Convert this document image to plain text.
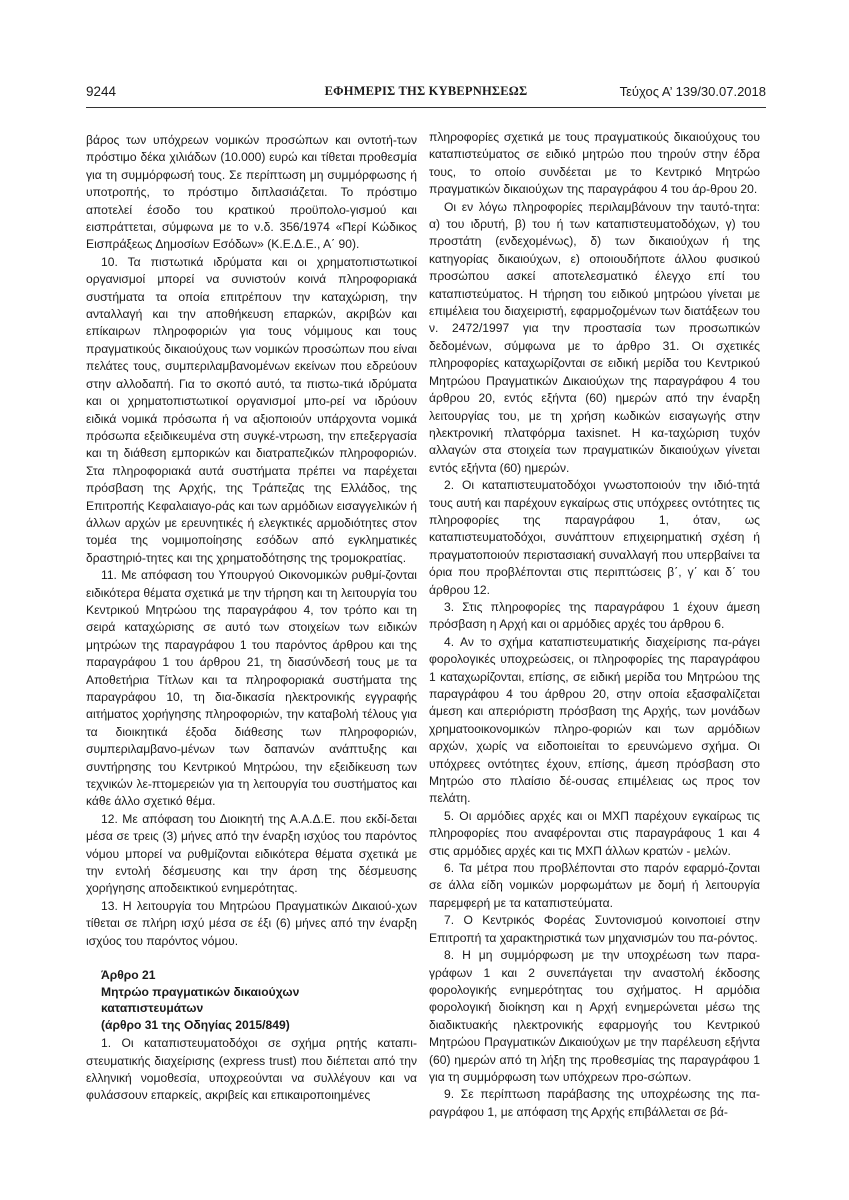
9244	ΕΦΗΜΕΡΙΣ ΤΗΣ ΚΥΒΕΡΝΗΣΕΩΣ	Τεύχος Α’ 139/30.07.2018

βάρος των υπόχρεων νομικών προσώπων και οντοτή-των πρόστιμο δέκα χιλιάδων (10.000) ευρώ και τίθεται προθεσμία για τη συμμόρφωσή τους. Σε περίπτωση μη συμμόρφωσης ή υποτροπής, το πρόστιμο διπλασιάζεται. Το πρόστιμο αποτελεί έσοδο του κρατικού προϋπολο-γισμού και εισπράττεται, σύμφωνα με το ν.δ. 356/1974 «Περί Κώδικος Εισπράξεως Δημοσίων Εσόδων» (Κ.Ε.Δ.Ε., Α΄ 90).

10. Τα πιστωτικά ιδρύματα και οι χρηματοπιστωτικοί οργανισμοί μπορεί να συνιστούν κοινά πληροφοριακά συστήματα τα οποία επιτρέπουν την καταχώριση, την ανταλλαγή και την αποθήκευση επαρκών, ακριβών και επίκαιρων πληροφοριών για τους νόμιμους και τους πραγματικούς δικαιούχους των νομικών προσώπων που είναι πελάτες τους, συμπεριλαμβανομένων εκείνων που εδρεύουν στην αλλοδαπή. Για το σκοπό αυτό, τα πιστω-τικά ιδρύματα και οι χρηματοπιστωτικοί οργανισμοί μπο-ρεί να ιδρύουν ειδικά νομικά πρόσωπα ή να αξιοποιούν υπάρχοντα νομικά πρόσωπα εξειδικευμένα στη συγκέ-ντρωση, την επεξεργασία και τη διάθεση εμπορικών και διατραπεζικών πληροφοριών. Στα πληροφοριακά αυτά συστήματα πρέπει να παρέχεται πρόσβαση της Αρχής, της Τράπεζας της Ελλάδος, της Επιτροπής Κεφαλαιαγο-ράς και των αρμόδιων εισαγγελικών ή άλλων αρχών με ερευνητικές ή ελεγκτικές αρμοδιότητες στον τομέα της νομιμοποίησης εσόδων από εγκληματικές δραστηριό-τητες και της χρηματοδότησης της τρομοκρατίας.

11. Με απόφαση του Υπουργού Οικονομικών ρυθμί-ζονται ειδικότερα θέματα σχετικά με την τήρηση και τη λειτουργία του Κεντρικού Μητρώου της παραγράφου 4, τον τρόπο και τη σειρά καταχώρισης σε αυτό των στοιχείων των ειδικών μητρώων της παραγράφου 1 του παρόντος άρθρου και της παραγράφου 1 του άρθρου 21, τη διασύνδεσή τους με τα Αποθετήρια Τίτλων και τα πληροφοριακά συστήματα της παραγράφου 10, τη δια-δικασία ηλεκτρονικής εγγραφής αιτήματος χορήγησης πληροφοριών, την καταβολή τέλους για τα διοικητικά έξοδα διάθεσης των πληροφοριών, συμπεριλαμβανο-μένων των δαπανών ανάπτυξης και συντήρησης του Κεντρικού Μητρώου, την εξειδίκευση των τεχνικών λε-πτομερειών για τη λειτουργία του συστήματος και κάθε άλλο σχετικό θέμα.

12. Με απόφαση του Διοικητή της Α.Α.Δ.Ε. που εκδί-δεται μέσα σε τρεις (3) μήνες από την έναρξη ισχύος του παρόντος νόμου μπορεί να ρυθμίζονται ειδικότερα θέματα σχετικά με την εντολή δέσμευσης και την άρση της δέσμευσης χορήγησης αποδεικτικού ενημερότητας.

13. Η λειτουργία του Μητρώου Πραγματικών Δικαιού-χων τίθεται σε πλήρη ισχύ μέσα σε έξι (6) μήνες από την έναρξη ισχύος του παρόντος νόμου.

Άρθρο 21
Μητρώο πραγματικών δικαιούχων
καταπιστευμάτων
(άρθρο 31 της Οδηγίας 2015/849)

1. Οι καταπιστευματοδόχοι σε σχήμα ρητής καταπι-στευματικής διαχείρισης (express trust) που διέπεται από την ελληνική νομοθεσία, υποχρεούνται να συλλέγουν και να φυλάσσουν επαρκείς, ακριβείς και επικαιροποιημένες

πληροφορίες σχετικά με τους πραγματικούς δικαιούχους του καταπιστεύματος σε ειδικό μητρώο που τηρούν στην έδρα τους, το οποίο συνδέεται με το Κεντρικό Μητρώο πραγματικών δικαιούχων της παραγράφου 4 του άρ-θρου 20.

Οι εν λόγω πληροφορίες περιλαμβάνουν την ταυτό-τητα: α) του ιδρυτή, β) του ή των καταπιστευματοδόχων, γ) του προστάτη (ενδεχομένως), δ) των δικαιούχων ή της κατηγορίας δικαιούχων, ε) οποιουδήποτε άλλου φυσικού προσώπου ασκεί αποτελεσματικό έλεγχο επί του καταπιστεύματος. Η τήρηση του ειδικού μητρώου γίνεται με επιμέλεια του διαχειριστή, εφαρμοζομένων των διατάξεων του ν. 2472/1997 για την προστασία των προσωπικών δεδομένων, σύμφωνα με το άρθρο 31. Οι σχετικές πληροφορίες καταχωρίζονται σε ειδική μερίδα του Κεντρικού Μητρώου Πραγματικών Δικαιούχων της παραγράφου 4 του άρθρου 20, εντός εξήντα (60) ημερών από την έναρξη λειτουργίας του, με τη χρήση κωδικών εισαγωγής στην ηλεκτρονική πλατφόρμα taxisnet. Η κα-ταχώριση τυχόν αλλαγών στα στοιχεία των πραγματικών δικαιούχων γίνεται εντός εξήντα (60) ημερών.

2. Οι καταπιστευματοδόχοι γνωστοποιούν την ιδιό-τητά τους αυτή και παρέχουν εγκαίρως στις υπόχρεες οντότητες τις πληροφορίες της παραγράφου 1, όταν, ως καταπιστευματοδόχοι, συνάπτουν επιχειρηματική σχέση ή πραγματοποιούν περιστασιακή συναλλαγή που υπερβαίνει τα όρια που προβλέπονται στις περιπτώσεις β΄, γ΄ και δ΄ του άρθρου 12.

3. Στις πληροφορίες της παραγράφου 1 έχουν άμεση πρόσβαση η Αρχή και οι αρμόδιες αρχές του άρθρου 6.

4. Αν το σχήμα καταπιστευματικής διαχείρισης πα-ράγει φορολογικές υποχρεώσεις, οι πληροφορίες της παραγράφου 1 καταχωρίζονται, επίσης, σε ειδική μερίδα του Μητρώου της παραγράφου 4 του άρθρου 20, στην οποία εξασφαλίζεται άμεση και απεριόριστη πρόσβαση της Αρχής, των μονάδων χρηματοοικονομικών πληρο-φοριών και των αρμόδιων αρχών, χωρίς να ειδοποιείται το ερευνώμενο σχήμα. Οι υπόχρεες οντότητες έχουν, επίσης, άμεση πρόσβαση στο Μητρώο στο πλαίσιο δέ-ουσας επιμέλειας ως προς τον πελάτη.

5. Οι αρμόδιες αρχές και οι ΜΧΠ παρέχουν εγκαίρως τις πληροφορίες που αναφέρονται στις παραγράφους 1 και 4 στις αρμόδιες αρχές και τις ΜΧΠ άλλων κρατών - μελών.

6. Τα μέτρα που προβλέπονται στο παρόν εφαρμό-ζονται σε άλλα είδη νομικών μορφωμάτων με δομή ή λειτουργία παρεμφερή με τα καταπιστεύματα.

7. Ο Κεντρικός Φορέας Συντονισμού κοινοποιεί στην Επιτροπή τα χαρακτηριστικά των μηχανισμών του πα-ρόντος.

8. Η μη συμμόρφωση με την υποχρέωση των παρα-γράφων 1 και 2 συνεπάγεται την αναστολή έκδοσης φορολογικής ενημερότητας του σχήματος. Η αρμόδια φορολογική διοίκηση και η Αρχή ενημερώνεται μέσω της διαδικτυακής ηλεκτρονικής εφαρμογής του Κεντρικού Μητρώου Πραγματικών Δικαιούχων με την παρέλευση εξήντα (60) ημερών από τη λήξη της προθεσμίας της παραγράφου 1 για τη συμμόρφωση των υπόχρεων προ-σώπων.

9. Σε περίπτωση παράβασης της υποχρέωσης της πα-ραγράφου 1, με απόφαση της Αρχής επιβάλλεται σε βά-
